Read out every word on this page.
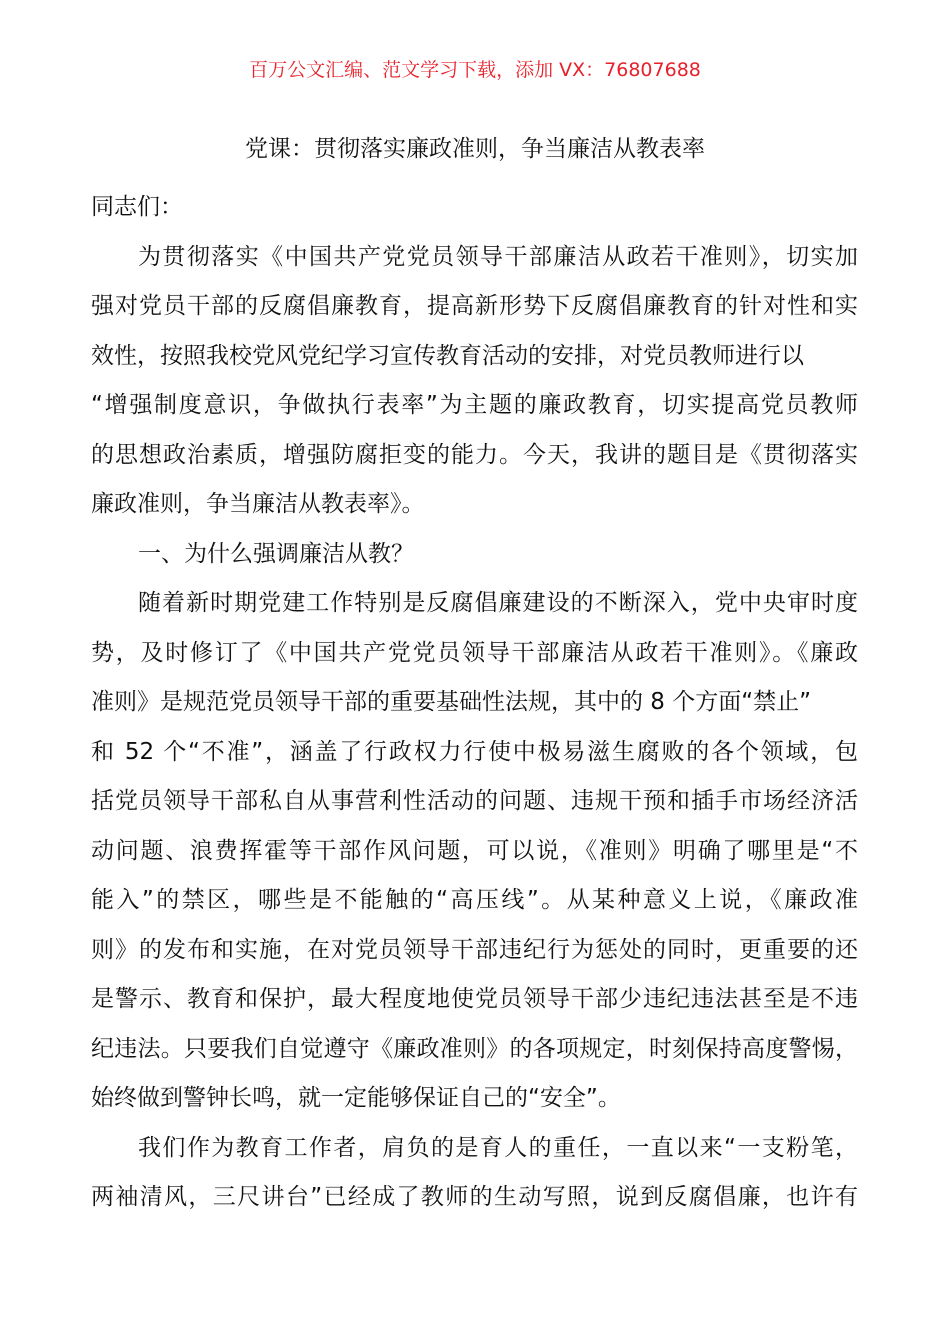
百万公文汇编、范文学习下载，添加 VX：76807688
党课：贯彻落实廉政准则，争当廉洁从教表率
同志们：
为贯彻落实《中国共产党党员领导干部廉洁从政若干准则》，切实加
强对党员干部的反腐倡廉教育，提高新形势下反腐倡廉教育的针对性和实
效性，按照我校党风党纪学习宣传教育活动的安排，对党员教师进行以
“增强制度意识，争做执行表率”为主题的廉政教育，切实提高党员教师
的思想政治素质，增强防腐拒变的能力。今天，我讲的题目是《贯彻落实
廉政准则，争当廉洁从教表率》。
一、为什么强调廉洁从教？
随着新时期党建工作特别是反腐倡廉建设的不断深入，党中央审时度
势，及时修订了《中国共产党党员领导干部廉洁从政若干准则》。《廉政
准则》是规范党员领导干部的重要基础性法规，其中的 8 个方面“禁止”
和 52 个“不准”，涵盖了行政权力行使中极易滋生腐败的各个领域，包
括党员领导干部私自从事营利性活动的问题、违规干预和插手市场经济活
动问题、浪费挥霍等干部作风问题，可以说，《准则》明确了哪里是“不
能入”的禁区，哪些是不能触的“高压线”。从某种意义上说，《廉政准
则》的发布和实施，在对党员领导干部违纪行为惩处的同时，更重要的还
是警示、教育和保护，最大程度地使党员领导干部少违纪违法甚至是不违
纪违法。只要我们自觉遵守《廉政准则》的各项规定，时刻保持高度警惕，
始终做到警钟长鸣，就一定能够保证自己的“安全”。
我们作为教育工作者，肩负的是育人的重任，一直以来“一支粉笔，
两袖清风，三尺讲台”已经成了教师的生动写照，说到反腐倡廉，也许有
